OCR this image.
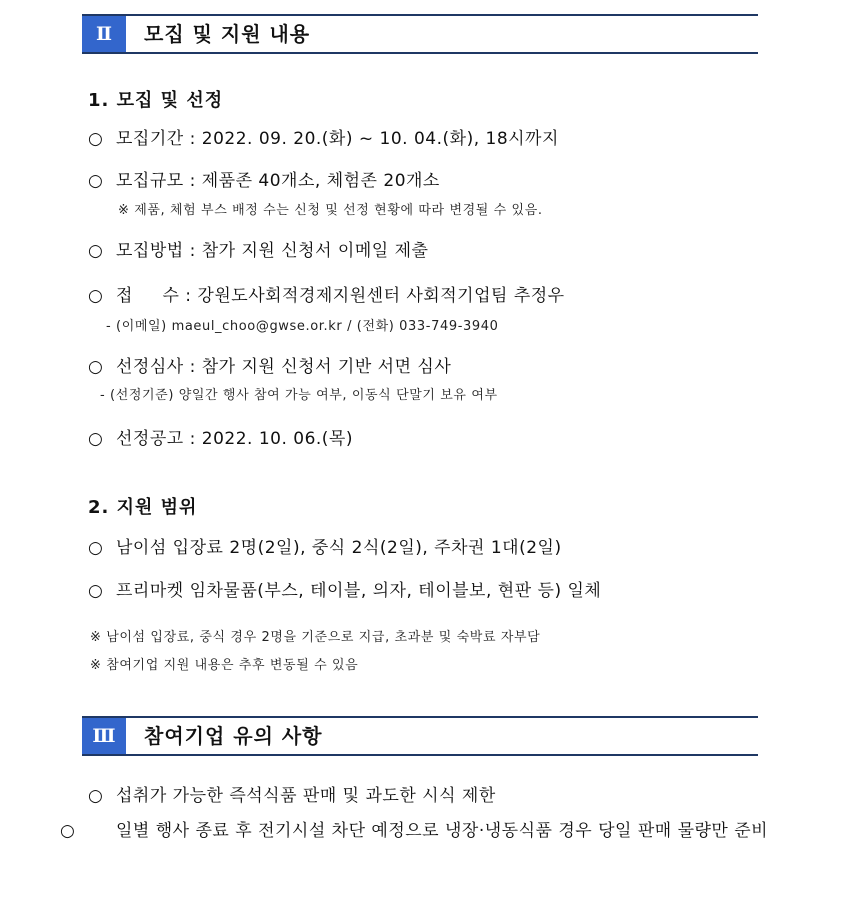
Ⅱ	모집 및 지원 내용
1. 모집 및 선정
○ 모집기간 : 2022. 09. 20.(화) ~ 10. 04.(화), 18시까지
○ 모집규모 : 제품존 40개소, 체험존 20개소
※ 제품, 체험 부스 배정 수는 신청 및 선정 현황에 따라 변경될 수 있음.
○ 모집방법 : 참가 지원 신청서 이메일 제출
○ 접     수 : 강원도사회적경제지원센터 사회적기업팀 추정우
- (이메일) maeul_choo@gwse.or.kr / (전화) 033-749-3940
○ 선정심사 : 참가 지원 신청서 기반 서면 심사
- (선정기준) 양일간 행사 참여 가능 여부, 이동식 단말기 보유 여부
○ 선정공고 : 2022. 10. 06.(목)
2. 지원 범위
○ 남이섬 입장료 2명(2일), 중식 2식(2일), 주차권 1대(2일)
○ 프리마켓 임차물품(부스, 테이블, 의자, 테이블보, 현판 등) 일체
※ 남이섬 입장료, 중식 경우 2명을 기준으로 지급, 초과분 및 숙박료 자부담
※ 참여기업 지원 내용은 추후 변동될 수 있음
Ⅲ	참여기업 유의 사항
○ 섭취가 가능한 즉석식품 판매 및 과도한 시식 제한
○ 일별 행사 종료 후 전기시설 차단 예정으로 냉장·냉동식품 경우 당일 판매 물량만 준비
